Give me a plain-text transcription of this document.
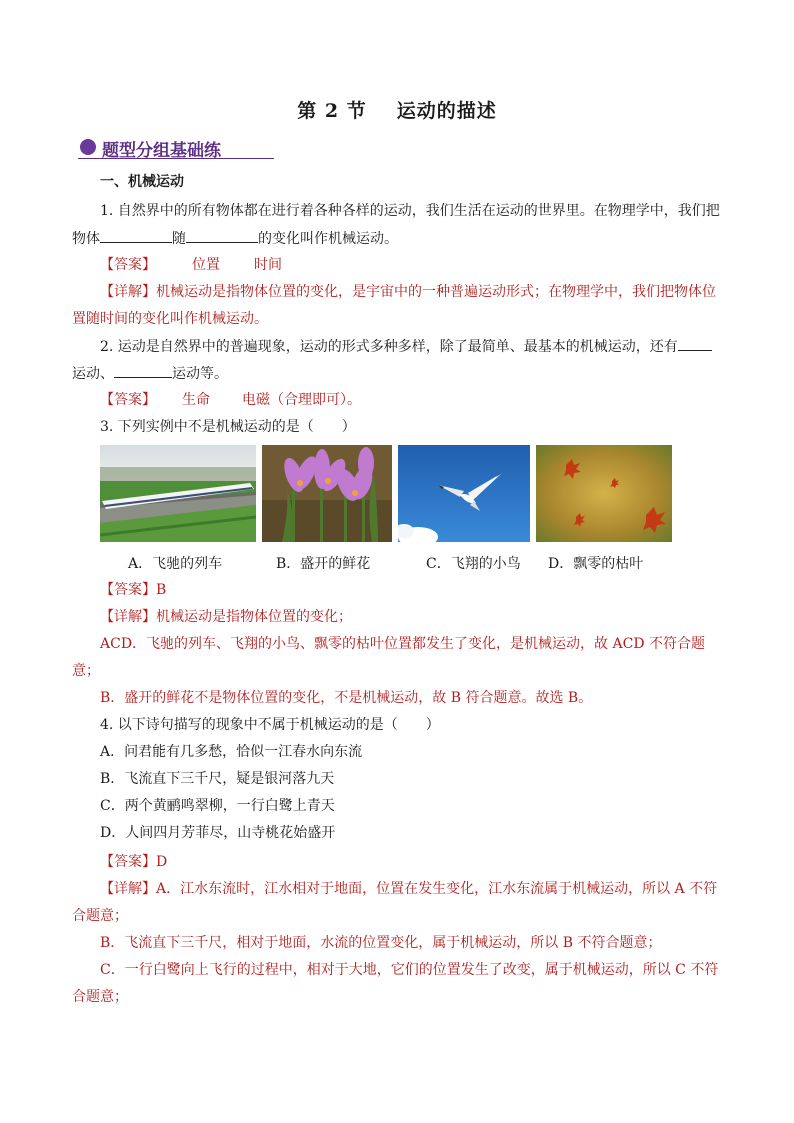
第 2 节 运动的描述
题型分组基础练
一、机械运动
1. 自然界中的所有物体都在进行着各种各样的运动，我们生活在运动的世界里。在物理学中，我们把
物体	随	的变化叫作机械运动。
【答案】	位置 时间
【详解】机械运动是指物体位置的变化，是宇宙中的一种普遍运动形式；在物理学中，我们把物体位
置随时间的变化叫作机械运动。
2. 运动是自然界中的普遍现象，运动的形式多种多样，除了最简单、最基本的机械运动，还有
运动、	运动等。
【答案】 生命 电磁（合理即可）。
3. 下列实例中不是机械运动的是（　　）
A．飞驰的列车	B．盛开的鲜花	C．飞翔的小鸟 D．飘零的枯叶
【答案】B
【详解】机械运动是指物体位置的变化；
ACD．飞驰的列车、飞翔的小鸟、飘零的枯叶位置都发生了变化，是机械运动，故 ACD 不符合题
意；
B．盛开的鲜花不是物体位置的变化，不是机械运动，故 B 符合题意。故选 B。
4. 以下诗句描写的现象中不属于机械运动的是（　　）
A．问君能有几多愁，恰似一江春水向东流
B．飞流直下三千尺，疑是银河落九天
C．两个黄鹂鸣翠柳，一行白鹭上青天
D．人间四月芳菲尽，山寺桃花始盛开
【答案】D
【详解】A．江水东流时，江水相对于地面，位置在发生变化，江水东流属于机械运动，所以 A 不符
合题意；
B．飞流直下三千尺，相对于地面，水流的位置变化，属于机械运动，所以 B 不符合题意；
C．一行白鹭向上飞行的过程中，相对于大地，它们的位置发生了改变，属于机械运动，所以 C 不符
合题意；
